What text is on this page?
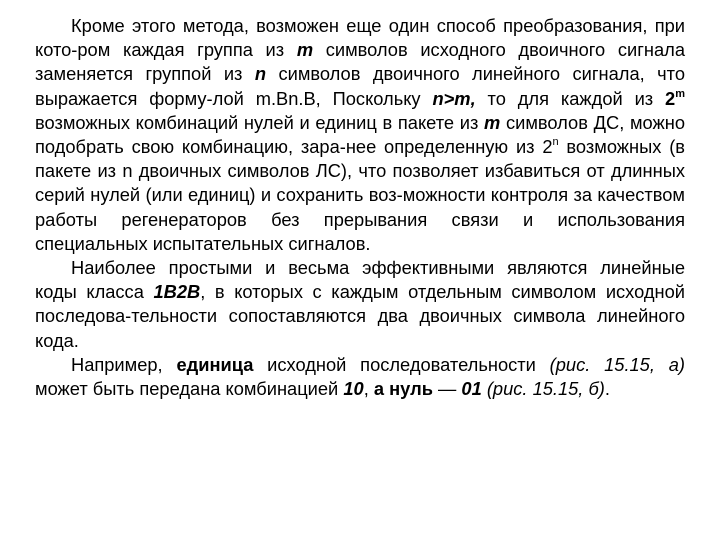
Кроме этого метода, возможен еще один способ преобразования, при кото-ром каждая группа из m символов исходного двоичного сигнала заменяется группой из n символов двоичного линейного сигнала, что выражается форму-лой m.Bn.B, Поскольку n>m, то для каждой из 2$^m$ возможных комбинаций нулей и единиц в пакете из m символов ДС, можно подобрать свою комбинацию, зара-нее определенную из 2$^n$ возможных (в пакете из n двоичных символов ЛС), что позволяет избавиться от длинных серий нулей (или единиц) и сохранить воз-можности контроля за качеством работы регенераторов без прерывания связи и использования специальных испытательных сигналов.

Наиболее простыми и весьма эффективными являются линейные коды класса 1B2B, в которых с каждым отдельным символом исходной последова-тельности сопоставляются два двоичных символа линейного кода.

Например, единица исходной последовательности (рис. 15.15, а) может быть передана комбинацией 10, а нуль — 01 (рис. 15.15, б).
